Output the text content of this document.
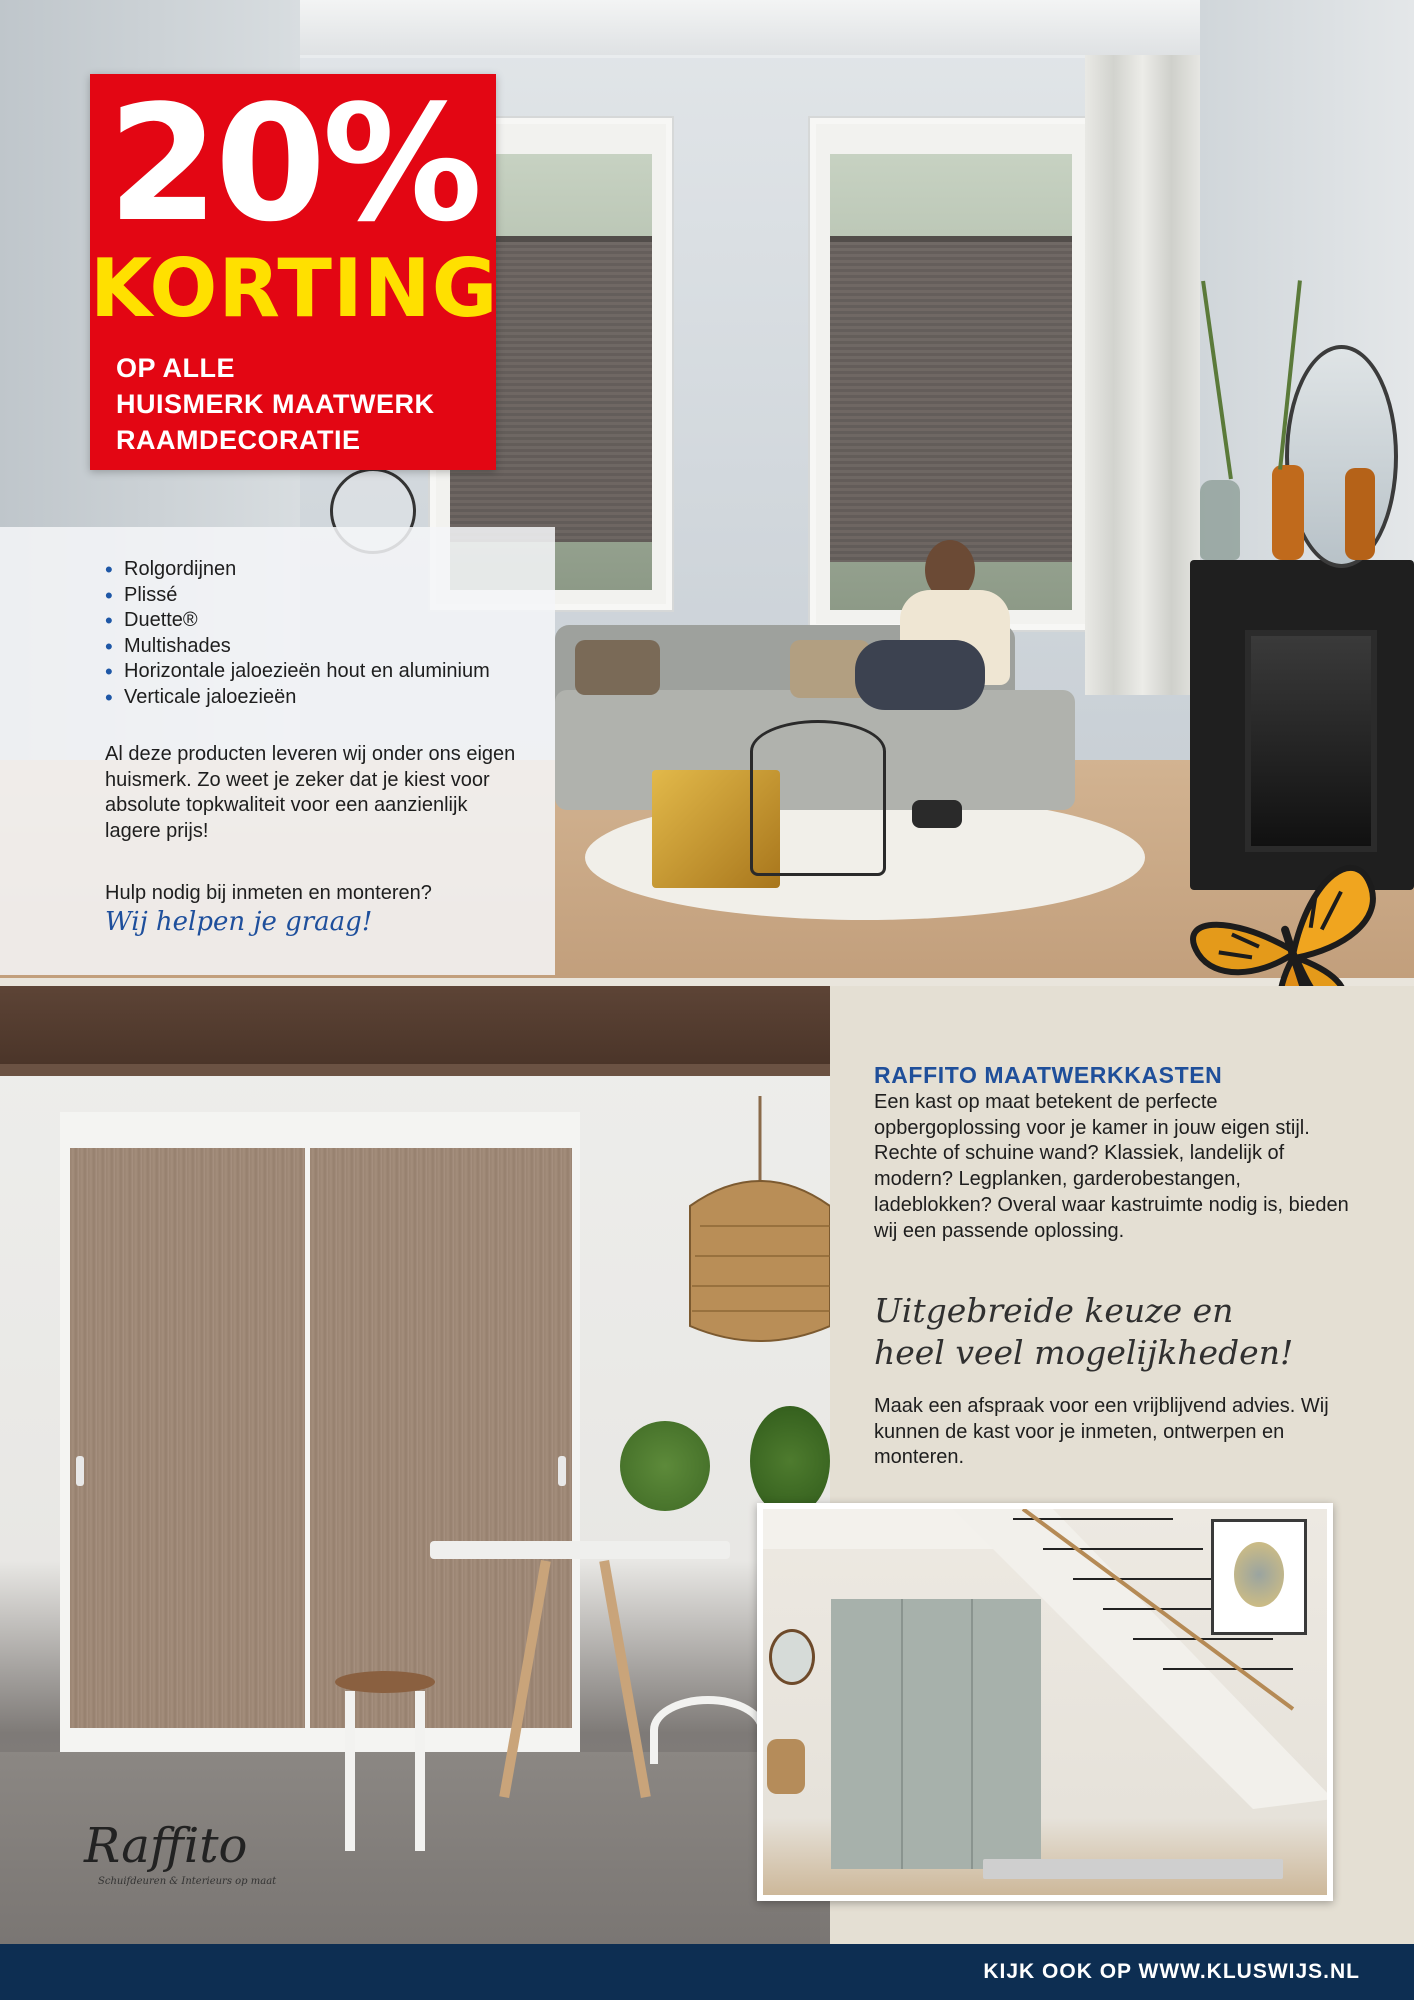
20%
KORTING
OP ALLE
HUISMERK MAATWERK
RAAMDECORATIE
• Rolgordijnen
• Plissé
• Duette®
• Multishades
• Horizontale jaloezieën hout en aluminium
• Verticale jaloezieën
Al deze producten leveren wij onder ons eigen huismerk. Zo weet je zeker dat je kiest voor absolute topkwaliteit voor een aanzienlijk lagere prijs!
Hulp nodig bij inmeten en monteren?
Wij helpen je graag!
RAFFITO MAATWERKKASTEN
Een kast op maat betekent de perfecte opbergoplossing voor je kamer in jouw eigen stijl. Rechte of schuine wand? Klassiek, landelijk of modern? Legplanken, garderobestangen, ladeblokken? Overal waar kastruimte nodig is, bieden wij een passende oplossing.
Uitgebreide keuze en
heel veel mogelijkheden!
Maak een afspraak voor een vrijblijvend advies. Wij kunnen de kast voor je inmeten, ontwerpen en monteren.
Raffito
Schuifdeuren & Interieurs op maat
KIJK OOK OP WWW.KLUSWIJS.NL
